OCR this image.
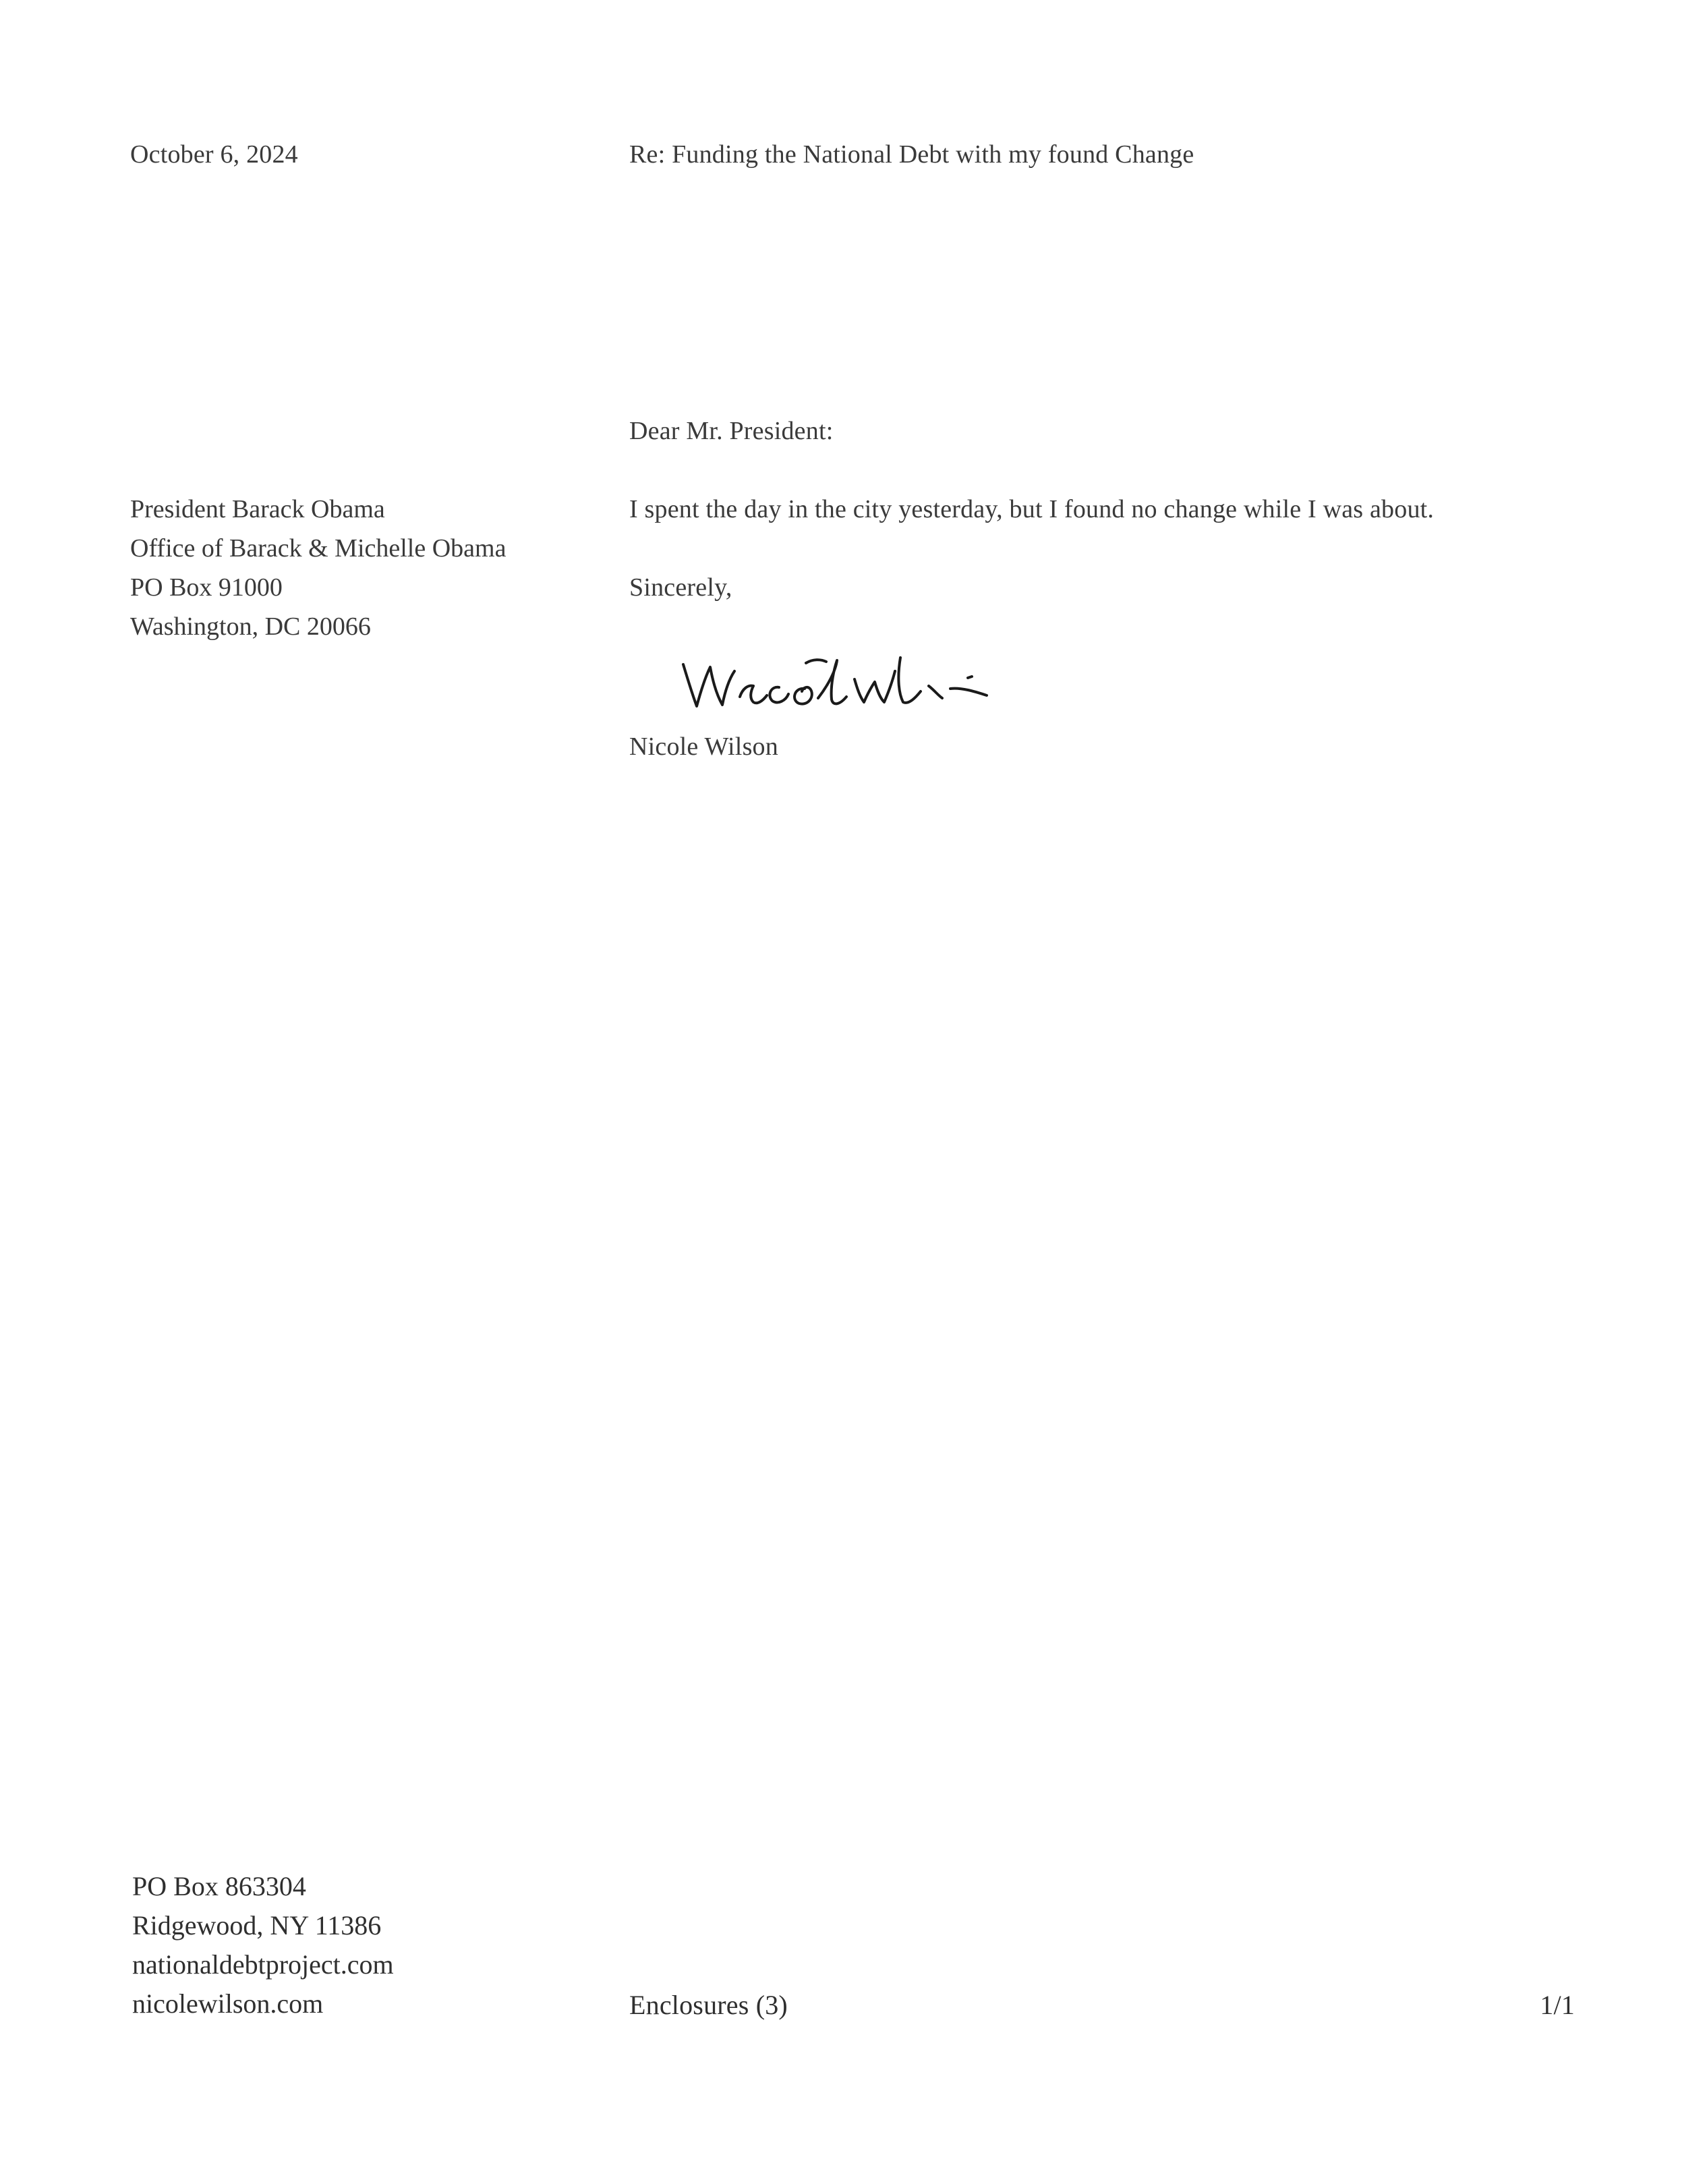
October 6, 2024	Re: Funding the National Debt with my found Change
Dear Mr. President:
President Barack Obama
Office of Barack & Michelle Obama
PO Box 91000
Washington, DC 20066
I spent the day in the city yesterday, but I found no change while I was about.
Sincerely,
Nicole Wilson
PO Box 863304
Ridgewood, NY 11386
nationaldebtproject.com
nicolewilson.com	Enclosures (3)	1/1
